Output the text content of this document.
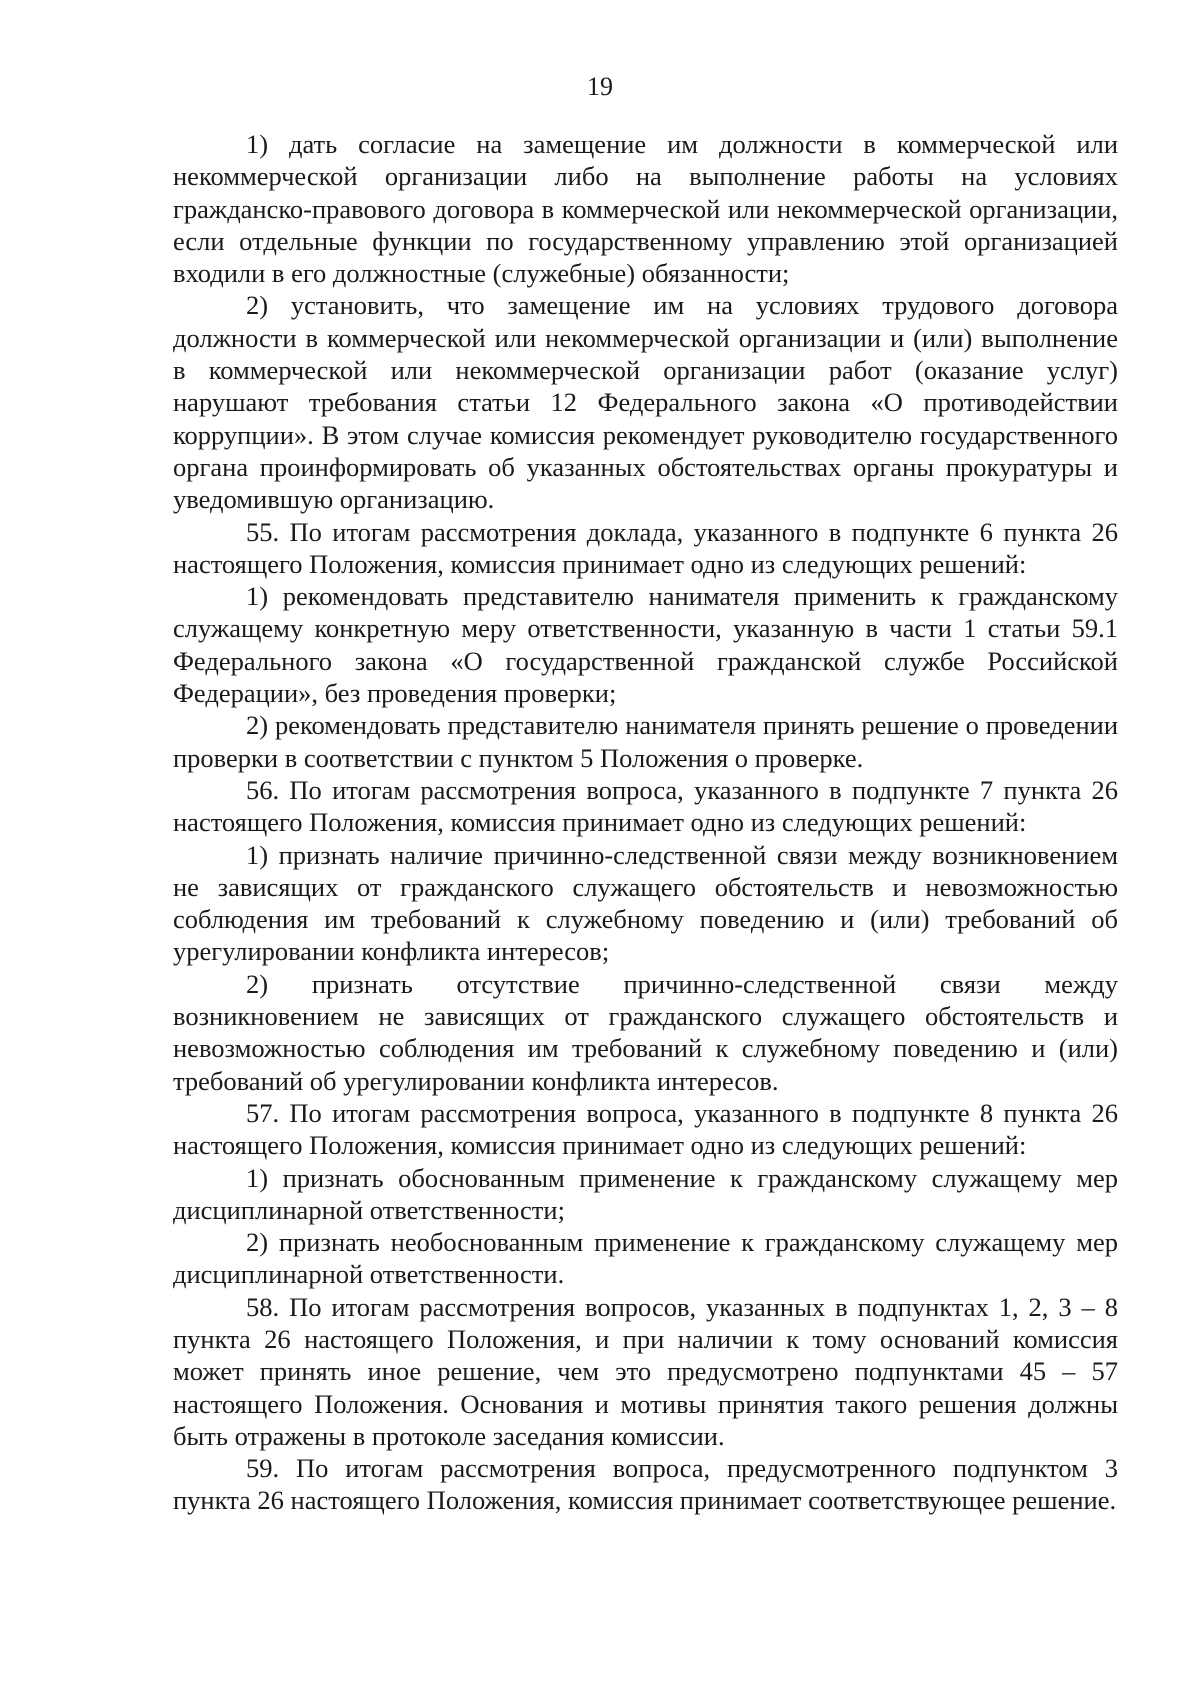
19

1) дать согласие на замещение им должности в коммерческой или некоммерческой организации либо на выполнение работы на условиях гражданско-правового договора в коммерческой или некоммерческой организации, если отдельные функции по государственному управлению этой организацией входили в его должностные (служебные) обязанности;

2) установить, что замещение им на условиях трудового договора должности в коммерческой или некоммерческой организации и (или) выполнение в коммерческой или некоммерческой организации работ (оказание услуг) нарушают требования статьи 12 Федерального закона «О противодействии коррупции». В этом случае комиссия рекомендует руководителю государственного органа проинформировать об указанных обстоятельствах органы прокуратуры и уведомившую организацию.

55. По итогам рассмотрения доклада, указанного в подпункте 6 пункта 26 настоящего Положения, комиссия принимает одно из следующих решений:

1) рекомендовать представителю нанимателя применить к гражданскому служащему конкретную меру ответственности, указанную в части 1 статьи 59.1 Федерального закона «О государственной гражданской службе Российской Федерации», без проведения проверки;

2) рекомендовать представителю нанимателя принять решение о проведении проверки в соответствии с пунктом 5 Положения о проверке.

56. По итогам рассмотрения вопроса, указанного в подпункте 7 пункта 26 настоящего Положения, комиссия принимает одно из следующих решений:

1) признать наличие причинно-следственной связи между возникновением не зависящих от гражданского служащего обстоятельств и невозможностью соблюдения им требований к служебному поведению и (или) требований об урегулировании конфликта интересов;

2) признать отсутствие причинно-следственной связи между возникновением не зависящих от гражданского служащего обстоятельств и невозможностью соблюдения им требований к служебному поведению и (или) требований об урегулировании конфликта интересов.

57. По итогам рассмотрения вопроса, указанного в подпункте 8 пункта 26 настоящего Положения, комиссия принимает одно из следующих решений:

1) признать обоснованным применение к гражданскому служащему мер дисциплинарной ответственности;

2) признать необоснованным применение к гражданскому служащему мер дисциплинарной ответственности.

58. По итогам рассмотрения вопросов, указанных в подпунктах 1, 2, 3 – 8 пункта 26 настоящего Положения, и при наличии к тому оснований комиссия может принять иное решение, чем это предусмотрено подпунктами 45 – 57 настоящего Положения. Основания и мотивы принятия такого решения должны быть отражены в протоколе заседания комиссии.

59. По итогам рассмотрения вопроса, предусмотренного подпунктом 3 пункта 26 настоящего Положения, комиссия принимает соответствующее решение.
